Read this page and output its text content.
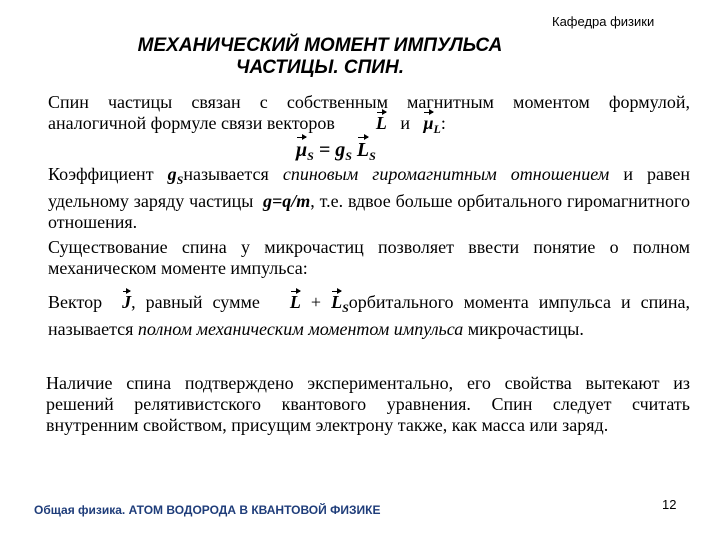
Кафедра физики
МЕХАНИЧЕСКИЙ МОМЕНТ ИМПУЛЬСА
ЧАСТИЦЫ. СПИН.
Спин частицы связан с собственным магнитным моментом формулой, аналогичной формуле связи векторов L и $\mu_L$:
$\mu_S = g_S$ $L_S$
Коэффициент $g_Sназывается$ спиновым гиромагнитным отношением и равен удельному заряду частицы g=q/m, т.е. вдвое больше орбитального гиромагнитного отношения.
Существование спина у микрочастиц позволяет ввести понятие о полном механическом моменте импульса:
Вектор J, равный сумме $L + L_Sорбитального$ момента импульса и спина, называется полном механическим моментом импульса микрочастицы.
Наличие спина подтверждено экспериментально, его свойства вытекают из решений релятивистского квантового уравнения. Спин следует считать внутренним свойством, присущим электрону также, как масса или заряд.
Общая физика. АТОМ ВОДОРОДА В КВАНТОВОЙ ФИЗИКЕ	12
